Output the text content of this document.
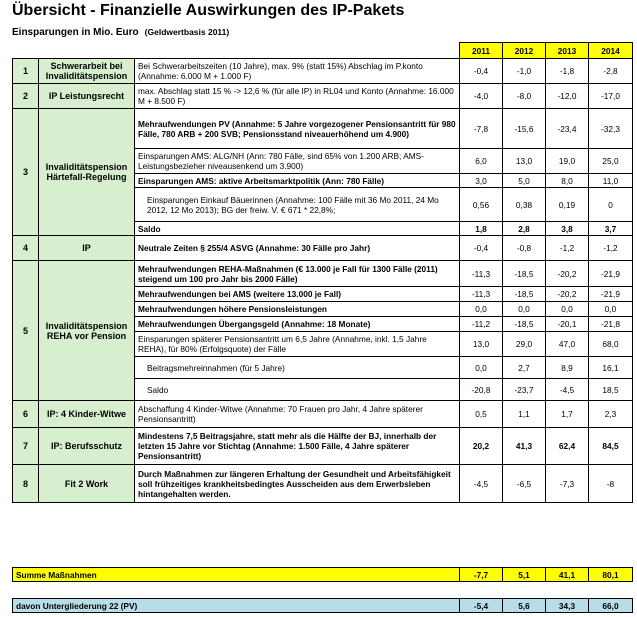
Übersicht - Finanzielle Auswirkungen des IP-Pakets
Einsparungen in Mio. Euro (Geldwertbasis 2011)
			2011	2012	2013	2014
1	Schwerarbeit bei Invaliditätspension	Bei Schwerarbeitszeiten (10 Jahre), max. 9% (statt 15%) Abschlag im P.konto (Annahme: 6.000 M + 1.000 F)	-0,4	-1,0	-1,8	-2,8
2	IP Leistungsrecht	max. Abschlag statt 15 % -> 12,6 % (für alle IP) in RL04 und Konto (Annahme: 16.000 M + 8.500 F)	-4,0	-8,0	-12,0	-17,0
3	Invaliditätspension Härtefall-Regelung	Mehraufwendungen PV (Annahme: 5 Jahre vorgezogener Pensionsantritt für 980 Fälle, 780 ARB + 200 SVB; Pensionsstand niveauerhöhend um 4.900)	-7,8	-15,6	-23,4	-32,3
		Einsparungen AMS: ALG/NH (Ann: 780 Fälle, sind 65% von 1.200 ARB; AMS-Leistungsbezieher niveausenkend um 3.900)	6,0	13,0	19,0	25,0
		Einsparungen AMS: aktive Arbeitsmarktpolitik (Ann: 780 Fälle)	3,0	5,0	8,0	11,0
		Einsparungen Einkauf Bäuerinnen (Annahme: 100 Fälle mit 36 Mo 2011, 24 Mo 2012, 12 Mo 2013); BG der freiw. V. € 671 * 22,8%;	0,56	0,38	0,19	0
		Saldo	1,8	2,8	3,8	3,7
4	IP	Neutrale Zeiten § 255/4 ASVG (Annahme: 30 Fälle pro Jahr)	-0,4	-0,8	-1,2	-1,2
5	Invaliditätspension REHA vor Pension	Mehraufwendungen REHA-Maßnahmen (€ 13.000 je Fall für 1300 Fälle (2011) steigend um 100 pro Jahr bis 2000 Fälle)	-11,3	-18,5	-20,2	-21,9
		Mehraufwendungen bei AMS (weitere 13.000 je Fall)	-11,3	-18,5	-20,2	-21,9
		Mehraufwendungen höhere Pensionsleistungen	0,0	0,0	0,0	0,0
		Mehraufwendungen Übergangsgeld (Annahme: 18 Monate)	-11,2	-18,5	-20,1	-21,8
		Einsparungen späterer Pensionsantritt um 6,5 Jahre (Annahme, inkl. 1,5 Jahre REHA), für 80% (Erfolgsquote) der Fälle	13,0	29,0	47,0	68,0
		Beitragsmehreinnahmen (für 5 Jahre)	0,0	2,7	8,9	16,1
		Saldo	-20,8	-23,7	-4,5	18,5
6	IP: 4 Kinder-Witwe	Abschaffung 4 Kinder-Witwe (Annahme: 70 Frauen pro Jahr, 4 Jahre späterer Pensionsantritt)	0,5	1,1	1,7	2,3
7	IP: Berufsschutz	Mindestens 7,5 Beitragsjahre, statt mehr als die Hälfte der BJ, innerhalb der letzten 15 Jahre vor Stichtag (Annahme: 1.500 Fälle, 4 Jahre späterer Pensionsantritt)	20,2	41,3	62,4	84,5
8	Fit 2 Work	Durch Maßnahmen zur längeren Erhaltung der Gesundheit und Arbeitsfähigkeit soll frühzeitiges krankheitsbedingtes Ausscheiden aus dem Erwerbsleben hintangehalten werden.	-4,5	-6,5	-7,3	-8
Summe Maßnahmen	-7,7	5,1	41,1	80,1
davon Untergliederung 22 (PV)	-5,4	5,6	34,3	66,0
